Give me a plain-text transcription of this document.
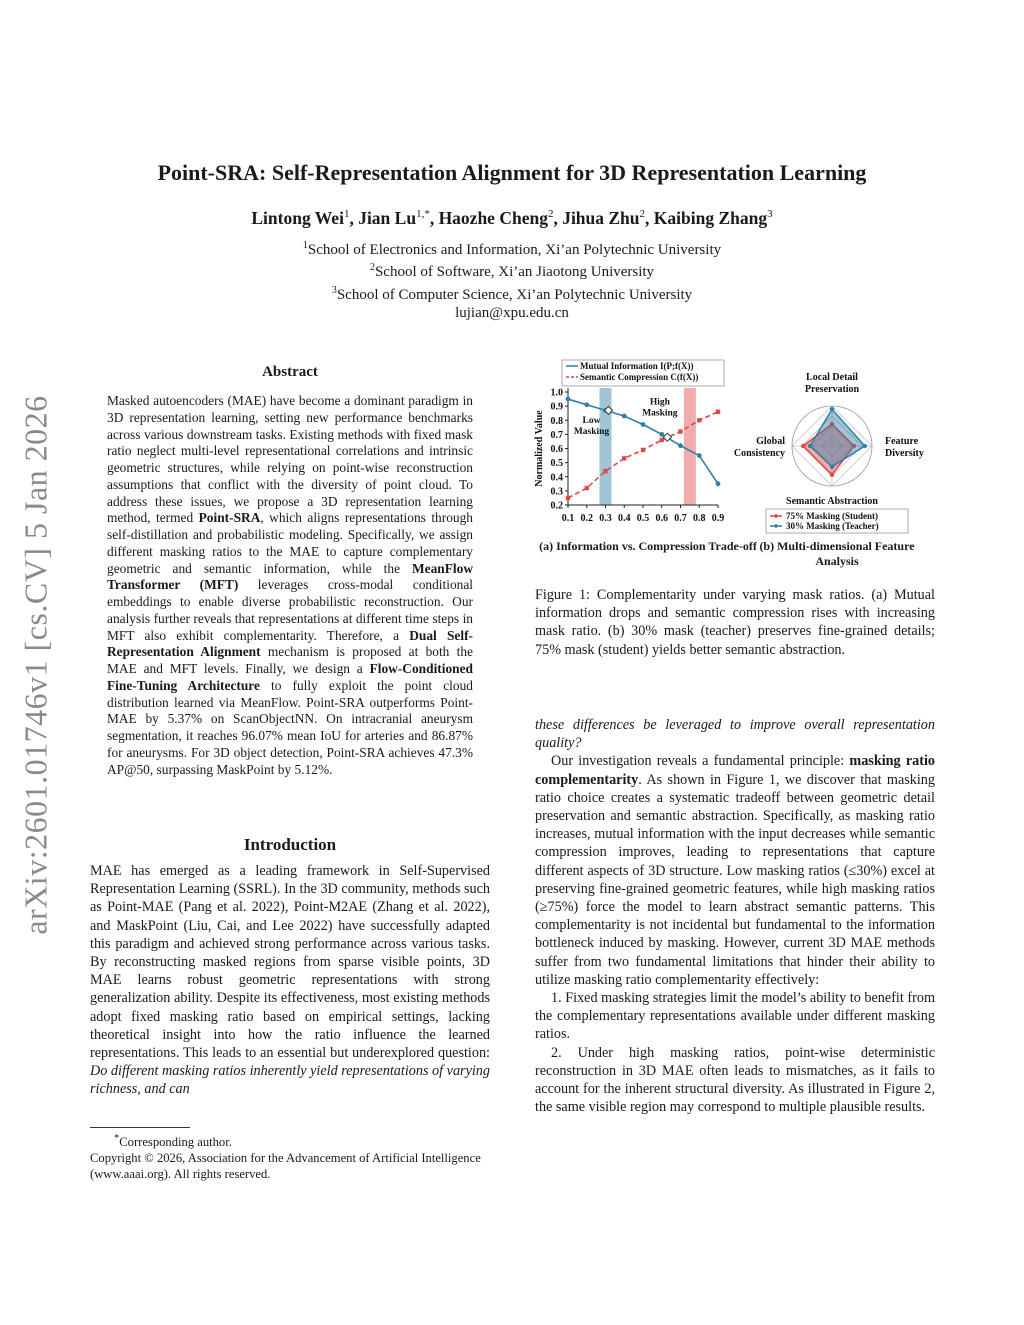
arXiv:2601.01746v1 [cs.CV] 5 Jan 2026
Point-SRA: Self-Representation Alignment for 3D Representation Learning
Lintong Wei$^1$, Jian $Lu^{1,*}$, Haozhe Cheng$^2$, Jihua Zhu$^2$, Kaibing Zhang$^3$
$^1$School of Electronics and Information, Xi’an Polytechnic University
$^2$School of Software, Xi’an Jiaotong University
$^3$School of Computer Science, Xi’an Polytechnic University
lujian@xpu.edu.cn
Abstract
Masked autoencoders (MAE) have become a dominant paradigm in 3D representation learning, setting new performance benchmarks across various downstream tasks. Existing methods with fixed mask ratio neglect multi-level representational correlations and intrinsic geometric structures, while relying on point-wise reconstruction assumptions that conflict with the diversity of point cloud. To address these issues, we propose a 3D representation learning method, termed Point-SRA, which aligns representations through self-distillation and probabilistic modeling. Specifically, we assign different masking ratios to the MAE to capture complementary geometric and semantic information, while the MeanFlow Transformer (MFT) leverages cross-modal conditional embeddings to enable diverse probabilistic reconstruction. Our analysis further reveals that representations at different time steps in MFT also exhibit complementarity. Therefore, a Dual Self-Representation Alignment mechanism is proposed at both the MAE and MFT levels. Finally, we design a Flow-Conditioned Fine-Tuning Architecture to fully exploit the point cloud distribution learned via MeanFlow. Point-SRA outperforms Point-MAE by 5.37% on ScanObjectNN. On intracranial aneurysm segmentation, it reaches 96.07% mean IoU for arteries and 86.87% for aneurysms. For 3D object detection, Point-SRA achieves 47.3% AP@50, surpassing MaskPoint by 5.12%.
Introduction
MAE has emerged as a leading framework in Self-Supervised Representation Learning (SSRL). In the 3D community, methods such as Point-MAE (Pang et al. 2022), Point-M2AE (Zhang et al. 2022), and MaskPoint (Liu, Cai, and Lee 2022) have successfully adapted this paradigm and achieved strong performance across various tasks. By reconstructing masked regions from sparse visible points, 3D MAE learns robust geometric representations with strong generalization ability. Despite its effectiveness, most existing methods adopt fixed masking ratio based on empirical settings, lacking theoretical insight into how the ratio influence the learned representations. This leads to an essential but underexplored question: Do different masking ratios inherently yield representations of varying richness, and can
*Corresponding author.
Copyright © 2026, Association for the Advancement of Artificial Intelligence (www.aaai.org). All rights reserved.
0.2
0.3
0.4
0.5
0.6
0.7
0.8
0.9
1.0
0.1 0.2 0.3 0.4 0.5 0.6 0.7 0.8 0.9
Normalized Value	Low
Masking
High
Masking
Mutual Information I(P;f(X))
Semantic Compression C(f(X))	Local Detail
Preservation
Feature
Diversity
Semantic Abstraction
Global
Consistency
75% Masking (Student)
30% Masking (Teacher)
(a) Information vs. Compression Trade-off (b) Multi-dimensional Feature Analysis
Figure 1: Complementarity under varying mask ratios. (a) Mutual information drops and semantic compression rises with increasing mask ratio. (b) 30% mask (teacher) preserves fine-grained details; 75% mask (student) yields better semantic abstraction.

these differences be leveraged to improve overall representation quality?

Our investigation reveals a fundamental principle: masking ratio complementarity. As shown in Figure 1, we discover that masking ratio choice creates a systematic tradeoff between geometric detail preservation and semantic abstraction. Specifically, as masking ratio increases, mutual information with the input decreases while semantic compression improves, leading to representations that capture different aspects of 3D structure. Low masking ratios (≤30%) excel at preserving fine-grained geometric features, while high masking ratios (≥75%) force the model to learn abstract semantic patterns. This complementarity is not incidental but fundamental to the information bottleneck induced by masking. However, current 3D MAE methods suffer from two fundamental limitations that hinder their ability to utilize masking ratio complementarity effectively:

1. Fixed masking strategies limit the model’s ability to benefit from the complementary representations available under different masking ratios.

2. Under high masking ratios, point-wise deterministic reconstruction in 3D MAE often leads to mismatches, as it fails to account for the inherent structural diversity. As illustrated in Figure 2, the same visible region may correspond to multiple plausible results.
